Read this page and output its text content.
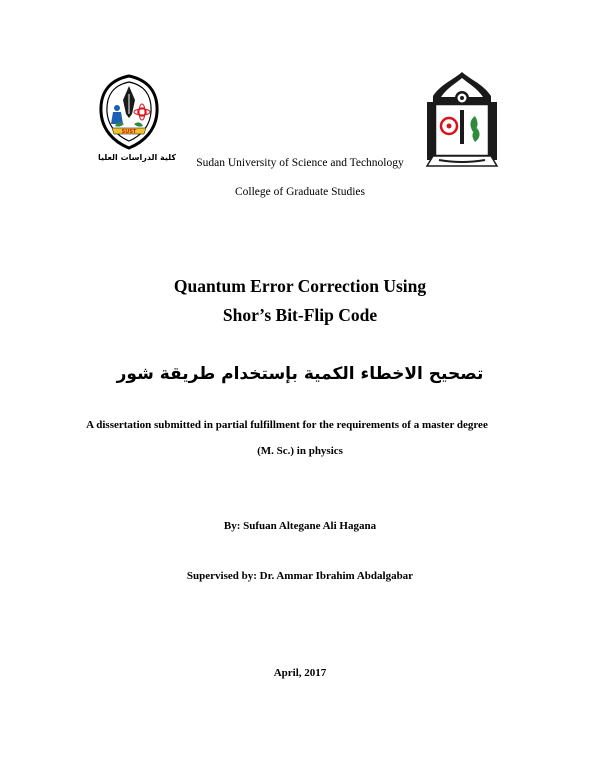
SUST
كلية الدراسات العليا	Sudan University of Science and Technology
College of Graduate Studies
Quantum Error Correction Using
Shor’s Bit-Flip Code
تصحيح الاخطاء الكمية بإستخدام طريقة شور
A dissertation submitted in partial fulfillment for the requirements of a master degree
(M. Sc.) in physics
By: Sufuan Altegane Ali Hagana
Supervised by: Dr. Ammar Ibrahim Abdalgabar
April, 2017
